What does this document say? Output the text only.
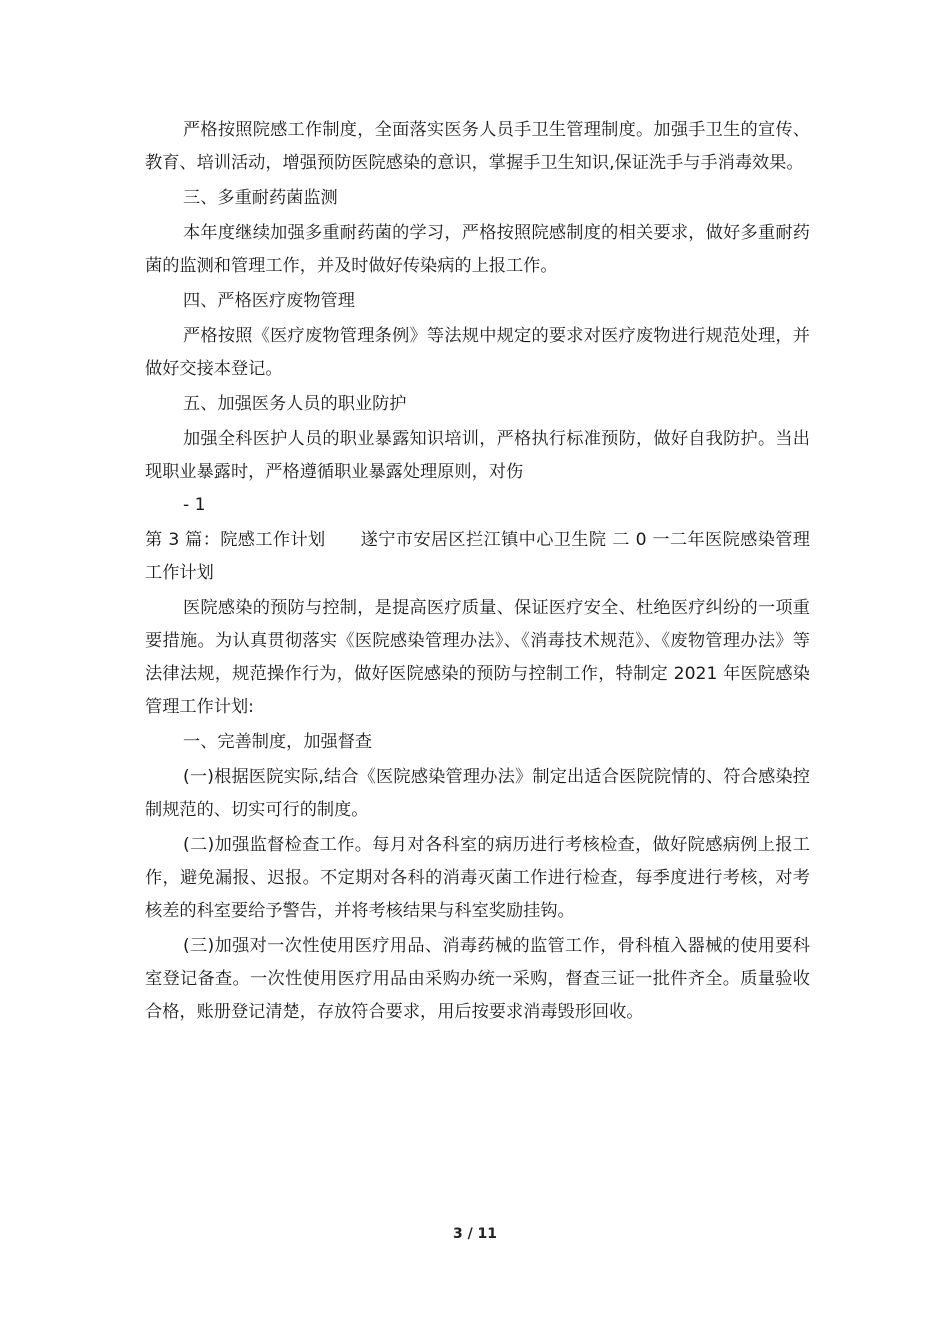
严格按照院感工作制度，全面落实医务人员手卫生管理制度。加强手卫生的宣传、教育、培训活动，增强预防医院感染的意识，掌握手卫生知识,保证洗手与手消毒效果。

三、多重耐药菌监测

本年度继续加强多重耐药菌的学习，严格按照院感制度的相关要求，做好多重耐药菌的监测和管理工作，并及时做好传染病的上报工作。

四、严格医疗废物管理

严格按照《医疗废物管理条例》等法规中规定的要求对医疗废物进行规范处理，并做好交接本登记。

五、加强医务人员的职业防护

加强全科医护人员的职业暴露知识培训，严格执行标准预防，做好自我防护。当出现职业暴露时，严格遵循职业暴露处理原则，对伤

- 1

第 3 篇：院感工作计划　　遂宁市安居区拦江镇中心卫生院 二 0 一二年医院感染管理工作计划

医院感染的预防与控制，是提高医疗质量、保证医疗安全、杜绝医疗纠纷的一项重要措施。为认真贯彻落实《医院感染管理办法》、《消毒技术规范》、《废物管理办法》等法律法规，规范操作行为，做好医院感染的预防与控制工作，特制定 2021 年医院感染管理工作计划:

一、完善制度，加强督查

(一)根据医院实际,结合《医院感染管理办法》制定出适合医院院情的、符合感染控制规范的、切实可行的制度。

(二)加强监督检查工作。每月对各科室的病历进行考核检查，做好院感病例上报工作，避免漏报、迟报。不定期对各科的消毒灭菌工作进行检查，每季度进行考核，对考核差的科室要给予警告，并将考核结果与科室奖励挂钩。

(三)加强对一次性使用医疗用品、消毒药械的监管工作，骨科植入器械的使用要科室登记备查。一次性使用医疗用品由采购办统一采购，督查三证一批件齐全。质量验收合格，账册登记清楚，存放符合要求，用后按要求消毒毁形回收。

3 / 11
